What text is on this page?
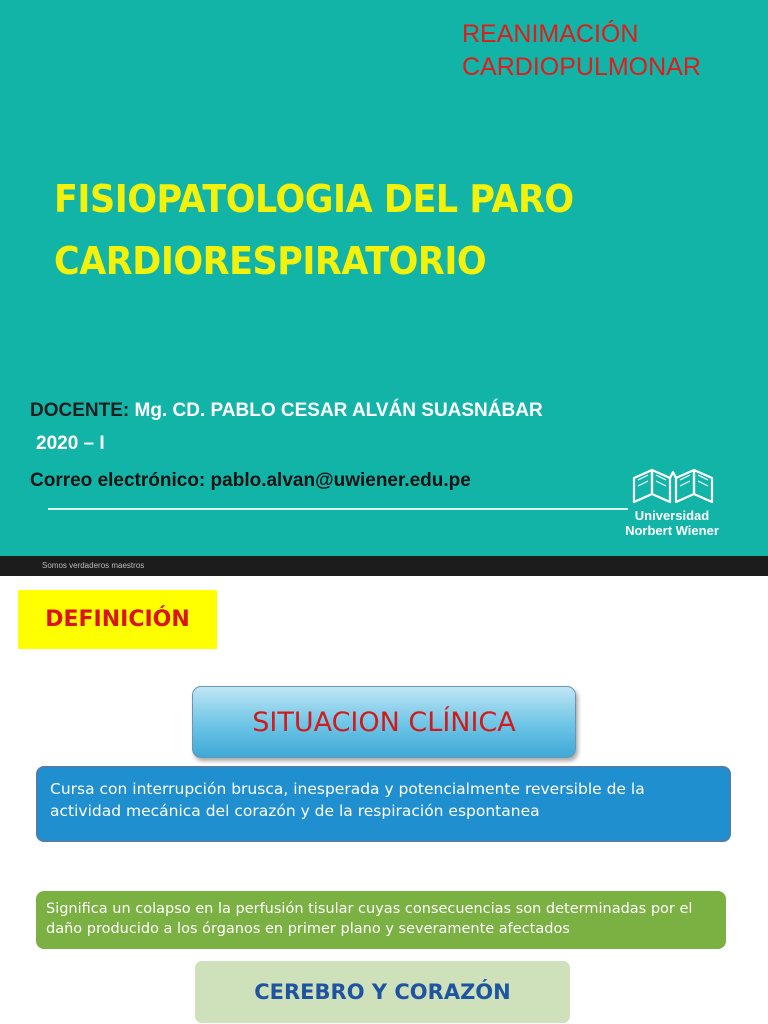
REANIMACIÓN
CARDIOPULMONAR
FISIOPATOLOGIA DEL PARO
CARDIORESPIRATORIO
DOCENTE: Mg. CD. PABLO CESAR ALVÁN SUASNÁBAR
2020 – I
Correo electrónico: pablo.alvan@uwiener.edu.pe
Universidad
Norbert Wiener
Somos verdaderos maestros
DEFINICIÓN
SITUACION CLÍNICA
Cursa con interrupción brusca, inesperada y potencialmente reversible de la actividad mecánica del corazón y de la respiración espontanea
Significa un colapso en la perfusión tisular cuyas consecuencias son determinadas por el daño producido a los órganos en primer plano y severamente afectados
CEREBRO Y CORAZÓN
